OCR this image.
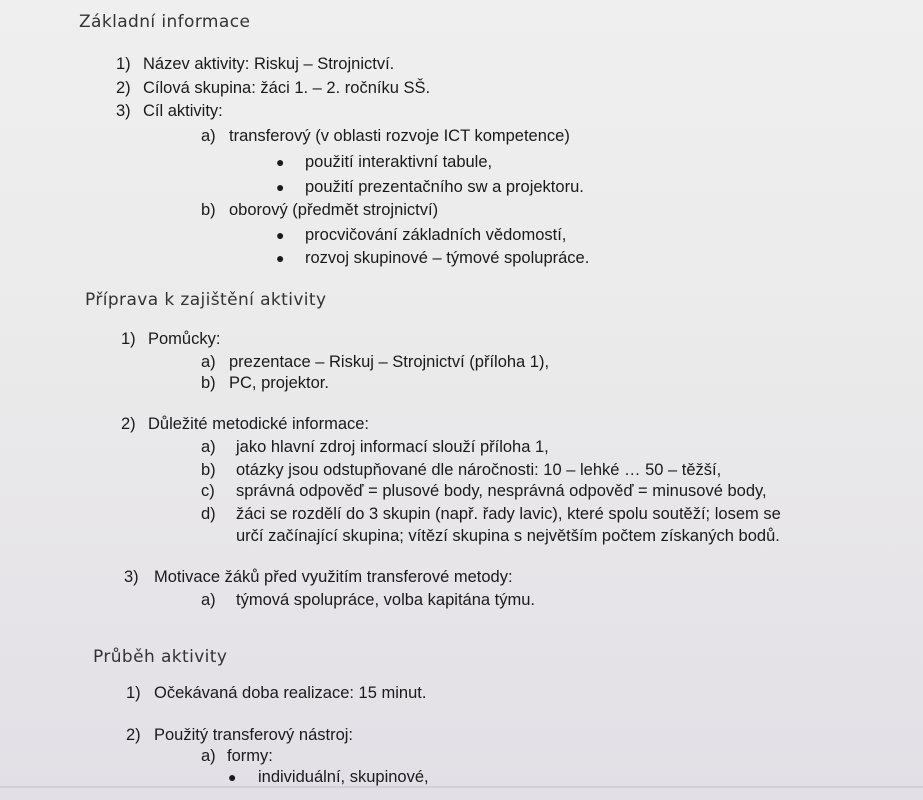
Základní informace
1) Název aktivity: Riskuj – Strojnictví.
2) Cílová skupina: žáci 1. – 2. ročníku SŠ.
3) Cíl aktivity:
a) transferový (v oblasti rozvoje ICT kompetence)
● použití interaktivní tabule,
● použití prezentačního sw a projektoru.
b) oborový (předmět strojnictví)
● procvičování základních vědomostí,
● rozvoj skupinové – týmové spolupráce.
Příprava k zajištění aktivity
1) Pomůcky:
a) prezentace – Riskuj – Strojnictví (příloha 1),
b) PC, projektor.
2) Důležité metodické informace:
a) jako hlavní zdroj informací slouží příloha 1,
b) otázky jsou odstupňované dle náročnosti: 10 – lehké … 50 – těžší,
c) správná odpověď = plusové body, nesprávná odpověď = minusové body,
d) žáci se rozdělí do 3 skupin (např. řady lavic), které spolu soutěží; losem se
určí začínající skupina; vítězí skupina s největším počtem získaných bodů.
3) Motivace žáků před využitím transferové metody:
a) týmová spolupráce, volba kapitána týmu.
Průběh aktivity
1) Očekávaná doba realizace: 15 minut.
2) Použitý transferový nástroj:
a) formy:
● individuální, skupinové,
